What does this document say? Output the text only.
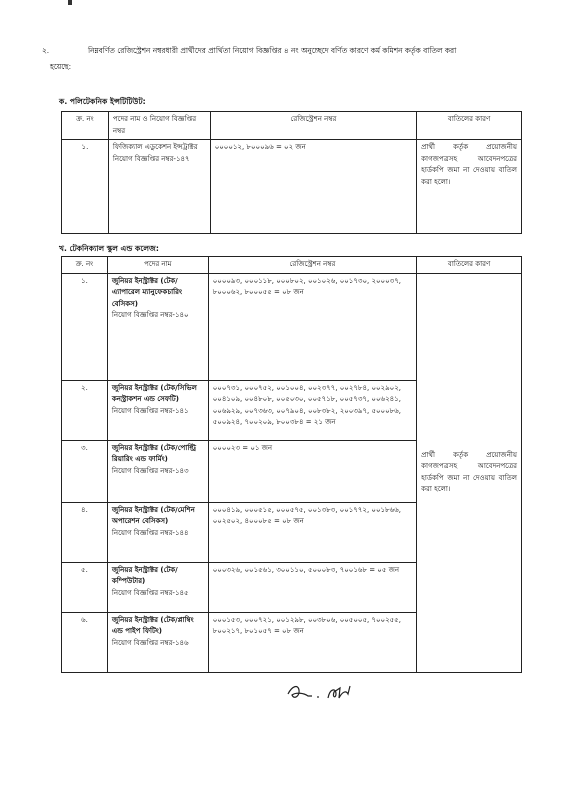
২.	নিম্নবর্ণিত রেজিস্ট্রেশন নম্বরধারী প্রার্থীদের প্রার্থিতা নিয়োগ বিজ্ঞপ্তির ৪ নং অনুচ্ছেদে বর্ণিত কারণে কর্ম কমিশন কর্তৃক বাতিল করা
হয়েছে:
ক. পলিটেকনিক ইন্সটিটিউট:
ক্র. নং	পদের নাম ও নিয়োগ বিজ্ঞপ্তির নম্বর	রেজিস্ট্রেশন নম্বর	বাতিলের কারণ
১.	ফিজিক্যাল এডুকেশন ইন্সট্রাক্টর
নিয়োগ বিজ্ঞপ্তির নম্বর-১৪৭	০০০০১২, ৮০০০৯৬ = ০২ জন	প্রার্থী কর্তৃক প্রয়োজনীয় কাগজপত্রসহ আবেদনপত্রের হার্ডকপি জমা না দেওয়ায় বাতিল করা হলো।
খ. টেকনিক্যাল স্কুল এন্ড কলেজ:
ক্র. নং	পদের নাম	রেজিস্ট্রেশন নম্বর	বাতিলের কারণ
১.	জুনিয়র ইনস্ট্রাক্টর (টেক/এ্যাপারেল ম্যানুফেকচারিং বেসিকস)
নিয়োগ বিজ্ঞপ্তির নম্বর-১৪০	০০০০৯৩, ০০০১১৮, ০০০৮০২, ০০১০২৬, ০০১৭৩০, ২০০০৩৭, ৮০০০৬২, ৮০০০৫৫ = ০৮ জন	প্রার্থী কর্তৃক প্রয়োজনীয় কাগজপত্রসহ আবেদনপত্রের হার্ডকপি জমা না দেওয়ায় বাতিল করা হলো।
২.	জুনিয়র ইনস্ট্রাক্টর (টেক/সিভিল কনস্ট্রাকশন এন্ড সেফটি)
নিয়োগ বিজ্ঞপ্তির নম্বর-১৪১	০০০৭৩১, ০০০৭৫২, ০০১০০৪, ০০২৩৭৭, ০০২৭৮৪, ০০২৯০২, ০০৪১০৯, ০০৪৮০৮, ০০৫০৩০, ০০৫৭১৮, ০০৫৭৩৭, ০০৬২৪১, ০০৬৯২৯, ০০৭৩৬৩, ০০৭৯০৪, ০০৮৩৮২, ২০০৩৯৭, ৫০০০৮৬, ৫০০৯২৪, ৭০০২০৯, ৮০০৩৮৪ = ২১ জন	
৩.	জুনিয়র ইনস্ট্রাক্টর (টেক/পোল্ট্রি রিয়ারিং এন্ড ফার্মিং)
নিয়োগ বিজ্ঞপ্তির নম্বর-১৪৩	০০০০২৩ = ০১ জন	
৪.	জুনিয়র ইনস্ট্রাক্টর (টেক/মেশিন অপারেশন বেসিকস)
নিয়োগ বিজ্ঞপ্তির নম্বর-১৪৪	০০০৪১৯, ০০০৫১৫, ০০০৫৭৫, ০০১৩৮৩, ০০১৭৭২, ০০১৮৬৬, ০০২৫০২, ৪০০০৮৫ = ০৮ জন	
৫.	জুনিয়র ইনস্ট্রাক্টর (টেক/কম্পিউটার)
নিয়োগ বিজ্ঞপ্তির নম্বর-১৪৫	০০০৩২৬, ০০১৫৬১, ৩০০১১০, ৫০০০৮৩, ৭০০১৬৮ = ০৫ জন	
৬.	জুনিয়র ইনস্ট্রাক্টর (টেক/প্লাম্বিং এন্ড পাইপ ফিটিং)
নিয়োগ বিজ্ঞপ্তির নম্বর-১৪৬	০০০১৫৩, ০০০৭২১, ০০১২৯৮, ০০৩৮০৬, ০০৫০০৫, ৭০০২৫৫, ৮০০২১৭, ৮০১০৫৭ = ০৮ জন	
